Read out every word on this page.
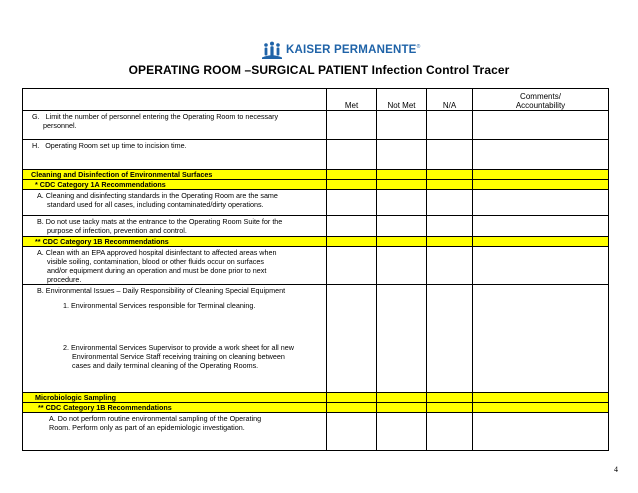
KAISER PERMANENTE®
OPERATING ROOM –SURGICAL PATIENT Infection Control Tracer
	Met	Not Met	N/A	Comments/
Accountability

G. Limit the number of personnel entering the Operating Room to necessary
personnel.				

H. Operating Room set up time to incision time.				

Cleaning and Disinfection of Environmental Surfaces				
* CDC Category 1A Recommendations				

A. Cleaning and disinfecting standards in the Operating Room are the same
standard used for all cases, including contaminated/dirty operations.				

B. Do not use tacky mats at the entrance to the Operating Room Suite for the
purpose of infection, prevention and control.				

** CDC Category 1B Recommendations				

A. Clean with an EPA approved hospital disinfectant to affected areas when
visible soiling, contamination, blood or other fluids occur on surfaces
and/or equipment during an operation and must be done prior to next
procedure.				

B. Environmental Issues – Daily Responsibility of Cleaning Special Equipment
1. Environmental Services responsible for Terminal cleaning.
2. Environmental Services Supervisor to provide a work sheet for all new
Environmental Service Staff receiving training on cleaning between
cases and daily terminal cleaning of the Operating Rooms.				

Microbiologic Sampling				
** CDC Category 1B Recommendations				

A. Do not perform routine environmental sampling of the Operating
Room. Perform only as part of an epidemiologic investigation.				

4
